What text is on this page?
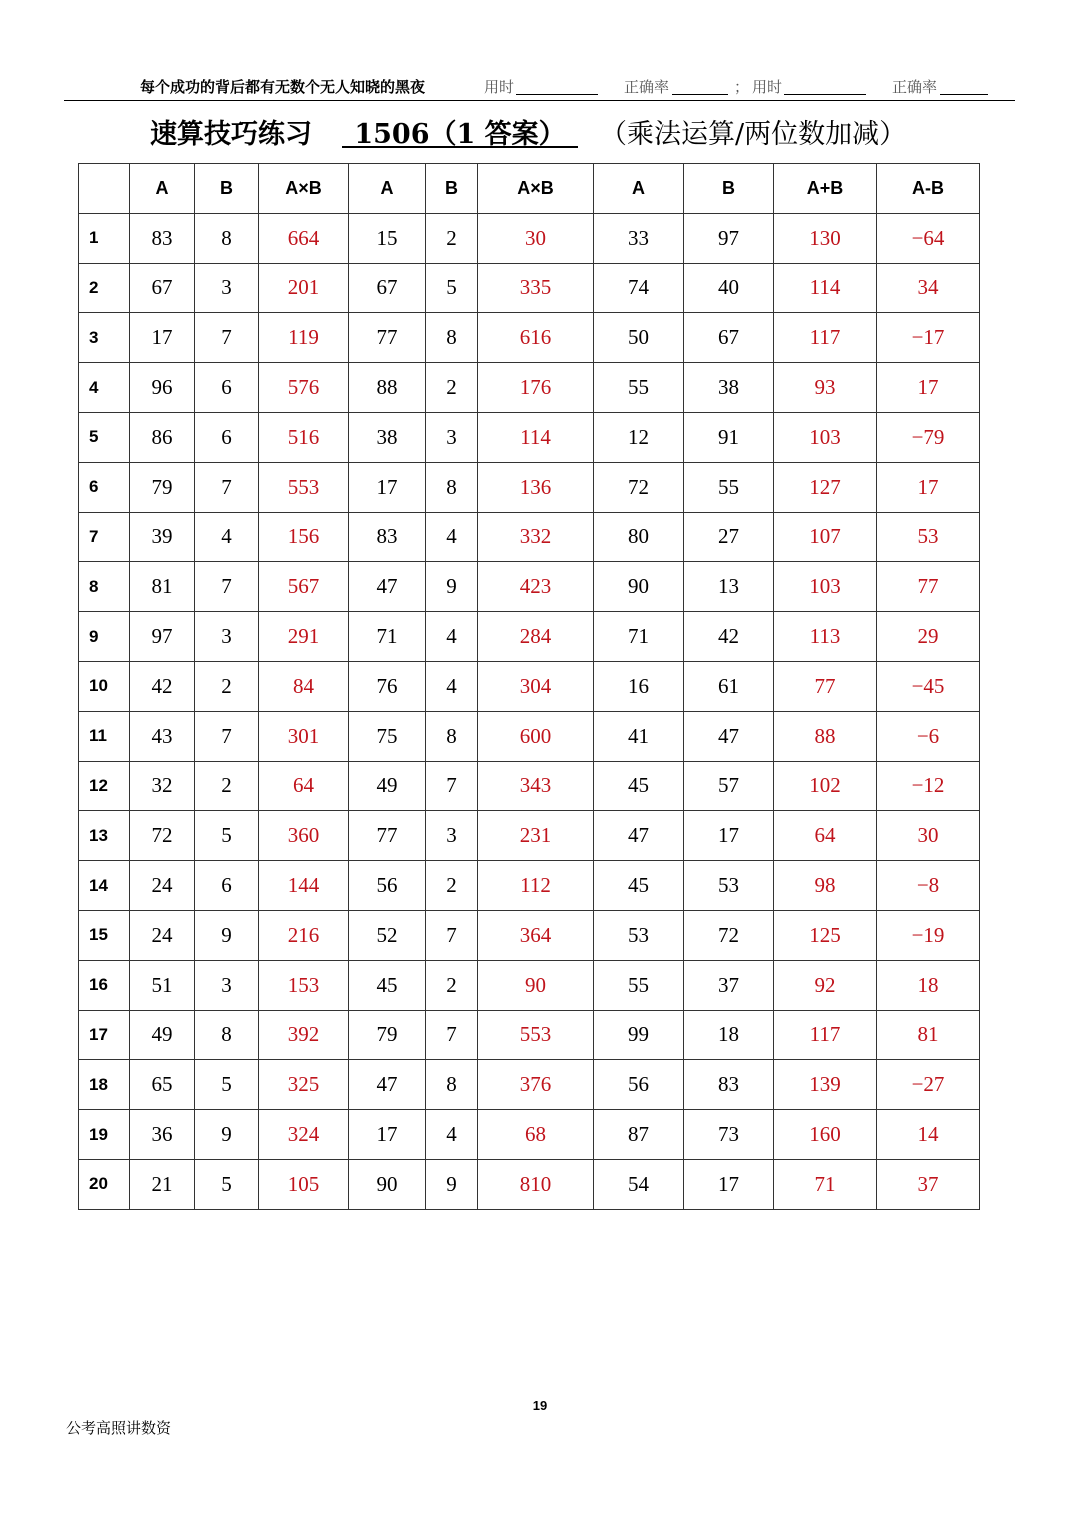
每个成功的背后都有无数个无人知晓的黑夜	用时	正确率	； 用时	正确率
速算技巧练习	1506（1 答案）	（乘法运算/两位数加减）
	A	B	A×B	A	B	A×B	A	B	A+B	A-B
1	83	8	664	15	2	30	33	97	130	−64
2	67	3	201	67	5	335	74	40	114	34
3	17	7	119	77	8	616	50	67	117	−17
4	96	6	576	88	2	176	55	38	93	17
5	86	6	516	38	3	114	12	91	103	−79
6	79	7	553	17	8	136	72	55	127	17
7	39	4	156	83	4	332	80	27	107	53
8	81	7	567	47	9	423	90	13	103	77
9	97	3	291	71	4	284	71	42	113	29
10	42	2	84	76	4	304	16	61	77	−45
11	43	7	301	75	8	600	41	47	88	−6
12	32	2	64	49	7	343	45	57	102	−12
13	72	5	360	77	3	231	47	17	64	30
14	24	6	144	56	2	112	45	53	98	−8
15	24	9	216	52	7	364	53	72	125	−19
16	51	3	153	45	2	90	55	37	92	18
17	49	8	392	79	7	553	99	18	117	81
18	65	5	325	47	8	376	56	83	139	−27
19	36	9	324	17	4	68	87	73	160	14
20	21	5	105	90	9	810	54	17	71	37
19
公考高照讲数资
